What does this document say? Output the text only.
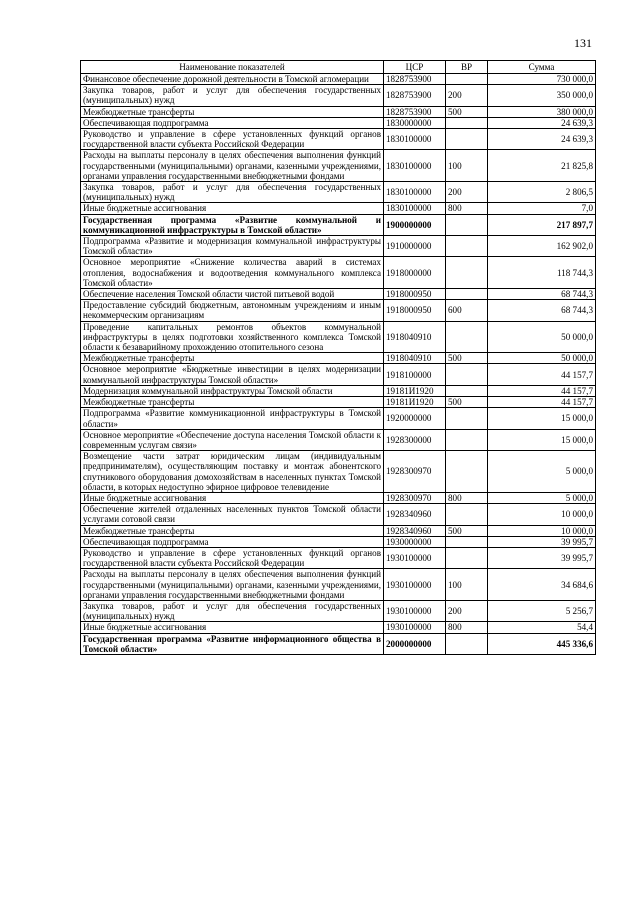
131
Наименование показателей	ЦСР	ВР	Сумма
Финансовое обеспечение дорожной деятельности в Томской агломерации	1828753900		730 000,0
Закупка товаров, работ и услуг для обеспечения государственных (муниципальных) нужд	1828753900	200	350 000,0
Межбюджетные трансферты	1828753900	500	380 000,0
Обеспечивающая подпрограмма	1830000000		24 639,3
Руководство и управление в сфере установленных функций органов государственной власти субъекта Российской Федерации	1830100000		24 639,3
Расходы на выплаты персоналу в целях обеспечения выполнения функций государственными (муниципальными) органами, казенными учреждениями, органами управления государственными внебюджетными фондами	1830100000	100	21 825,8
Закупка товаров, работ и услуг для обеспечения государственных (муниципальных) нужд	1830100000	200	2 806,5
Иные бюджетные ассигнования	1830100000	800	7,0
Государственная программа «Развитие коммунальной и коммуникационной инфраструктуры в Томской области»	1900000000		217 897,7
Подпрограмма «Развитие и модернизация коммунальной инфраструктуры Томской области»	1910000000		162 902,0
Основное мероприятие «Снижение количества аварий в системах отопления, водоснабжения и водоотведения коммунального комплекса Томской области»	1918000000		118 744,3
Обеспечение населения Томской области чистой питьевой водой	1918000950		68 744,3
Предоставление субсидий бюджетным, автономным учреждениям и иным некоммерческим организациям	1918000950	600	68 744,3
Проведение капитальных ремонтов объектов коммунальной инфраструктуры в целях подготовки хозяйственного комплекса Томской области к безаварийному прохождению отопительного сезона	1918040910		50 000,0
Межбюджетные трансферты	1918040910	500	50 000,0
Основное мероприятие «Бюджетные инвестиции в целях модернизации коммунальной инфраструктуры Томской области»	1918100000		44 157,7
Модернизация коммунальной инфраструктуры Томской области	19181И1920		44 157,7
Межбюджетные трансферты	19181И1920	500	44 157,7
Подпрограмма «Развитие коммуникационной инфраструктуры в Томской области»	1920000000		15 000,0
Основное мероприятие «Обеспечение доступа населения Томской области к современным услугам связи»	1928300000		15 000,0
Возмещение части затрат юридическим лицам (индивидуальным предпринимателям), осуществляющим поставку и монтаж абонентского спутникового оборудования домохозяйствам в населенных пунктах Томской области, в которых недоступно эфирное цифровое телевидение	1928300970		5 000,0
Иные бюджетные ассигнования	1928300970	800	5 000,0
Обеспечение жителей отдаленных населенных пунктов Томской области услугами сотовой связи	1928340960		10 000,0
Межбюджетные трансферты	1928340960	500	10 000,0
Обеспечивающая подпрограмма	1930000000		39 995,7
Руководство и управление в сфере установленных функций органов государственной власти субъекта Российской Федерации	1930100000		39 995,7
Расходы на выплаты персоналу в целях обеспечения выполнения функций государственными (муниципальными) органами, казенными учреждениями, органами управления государственными внебюджетными фондами	1930100000	100	34 684,6
Закупка товаров, работ и услуг для обеспечения государственных (муниципальных) нужд	1930100000	200	5 256,7
Иные бюджетные ассигнования	1930100000	800	54,4
Государственная программа «Развитие информационного общества в Томской области»	2000000000		445 336,6
